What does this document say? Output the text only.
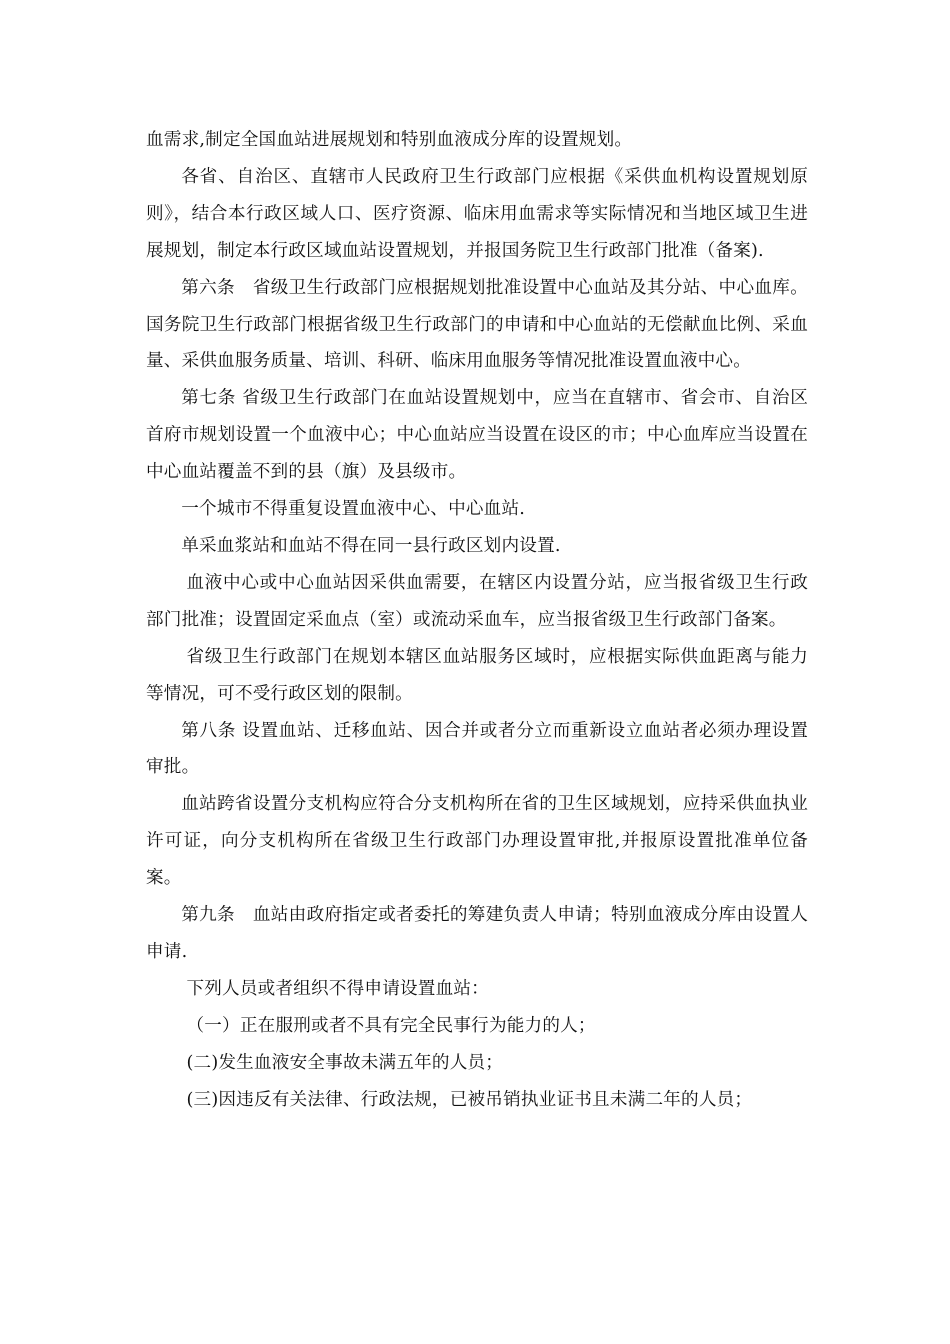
血需求,制定全国血站进展规划和特别血液成分库的设置规划。

各省、自治区、直辖市人民政府卫生行政部门应根据《采供血机构设置规划原则》，结合本行政区域人口、医疗资源、临床用血需求等实际情况和当地区域卫生进展规划，制定本行政区域血站设置规划，并报国务院卫生行政部门批准（备案).

第六条　省级卫生行政部门应根据规划批准设置中心血站及其分站、中心血库。国务院卫生行政部门根据省级卫生行政部门的申请和中心血站的无偿献血比例、采血量、采供血服务质量、培训、科研、临床用血服务等情况批准设置血液中心。

第七条 省级卫生行政部门在血站设置规划中，应当在直辖市、省会市、自治区首府市规划设置一个血液中心；中心血站应当设置在设区的市；中心血库应当设置在中心血站覆盖不到的县（旗）及县级市。

一个城市不得重复设置血液中心、中心血站.

单采血浆站和血站不得在同一县行政区划内设置.

血液中心或中心血站因采供血需要，在辖区内设置分站，应当报省级卫生行政部门批准；设置固定采血点（室）或流动采血车，应当报省级卫生行政部门备案。

省级卫生行政部门在规划本辖区血站服务区域时，应根据实际供血距离与能力等情况，可不受行政区划的限制。

第八条 设置血站、迁移血站、因合并或者分立而重新设立血站者必须办理设置审批。

血站跨省设置分支机构应符合分支机构所在省的卫生区域规划，应持采供血执业许可证，向分支机构所在省级卫生行政部门办理设置审批,并报原设置批准单位备案。

第九条　血站由政府指定或者委托的筹建负责人申请；特别血液成分库由设置人申请.

下列人员或者组织不得申请设置血站：

（一）正在服刑或者不具有完全民事行为能力的人；

(二)发生血液安全事故未满五年的人员；

(三)因违反有关法律、行政法规，已被吊销执业证书且未满二年的人员；
